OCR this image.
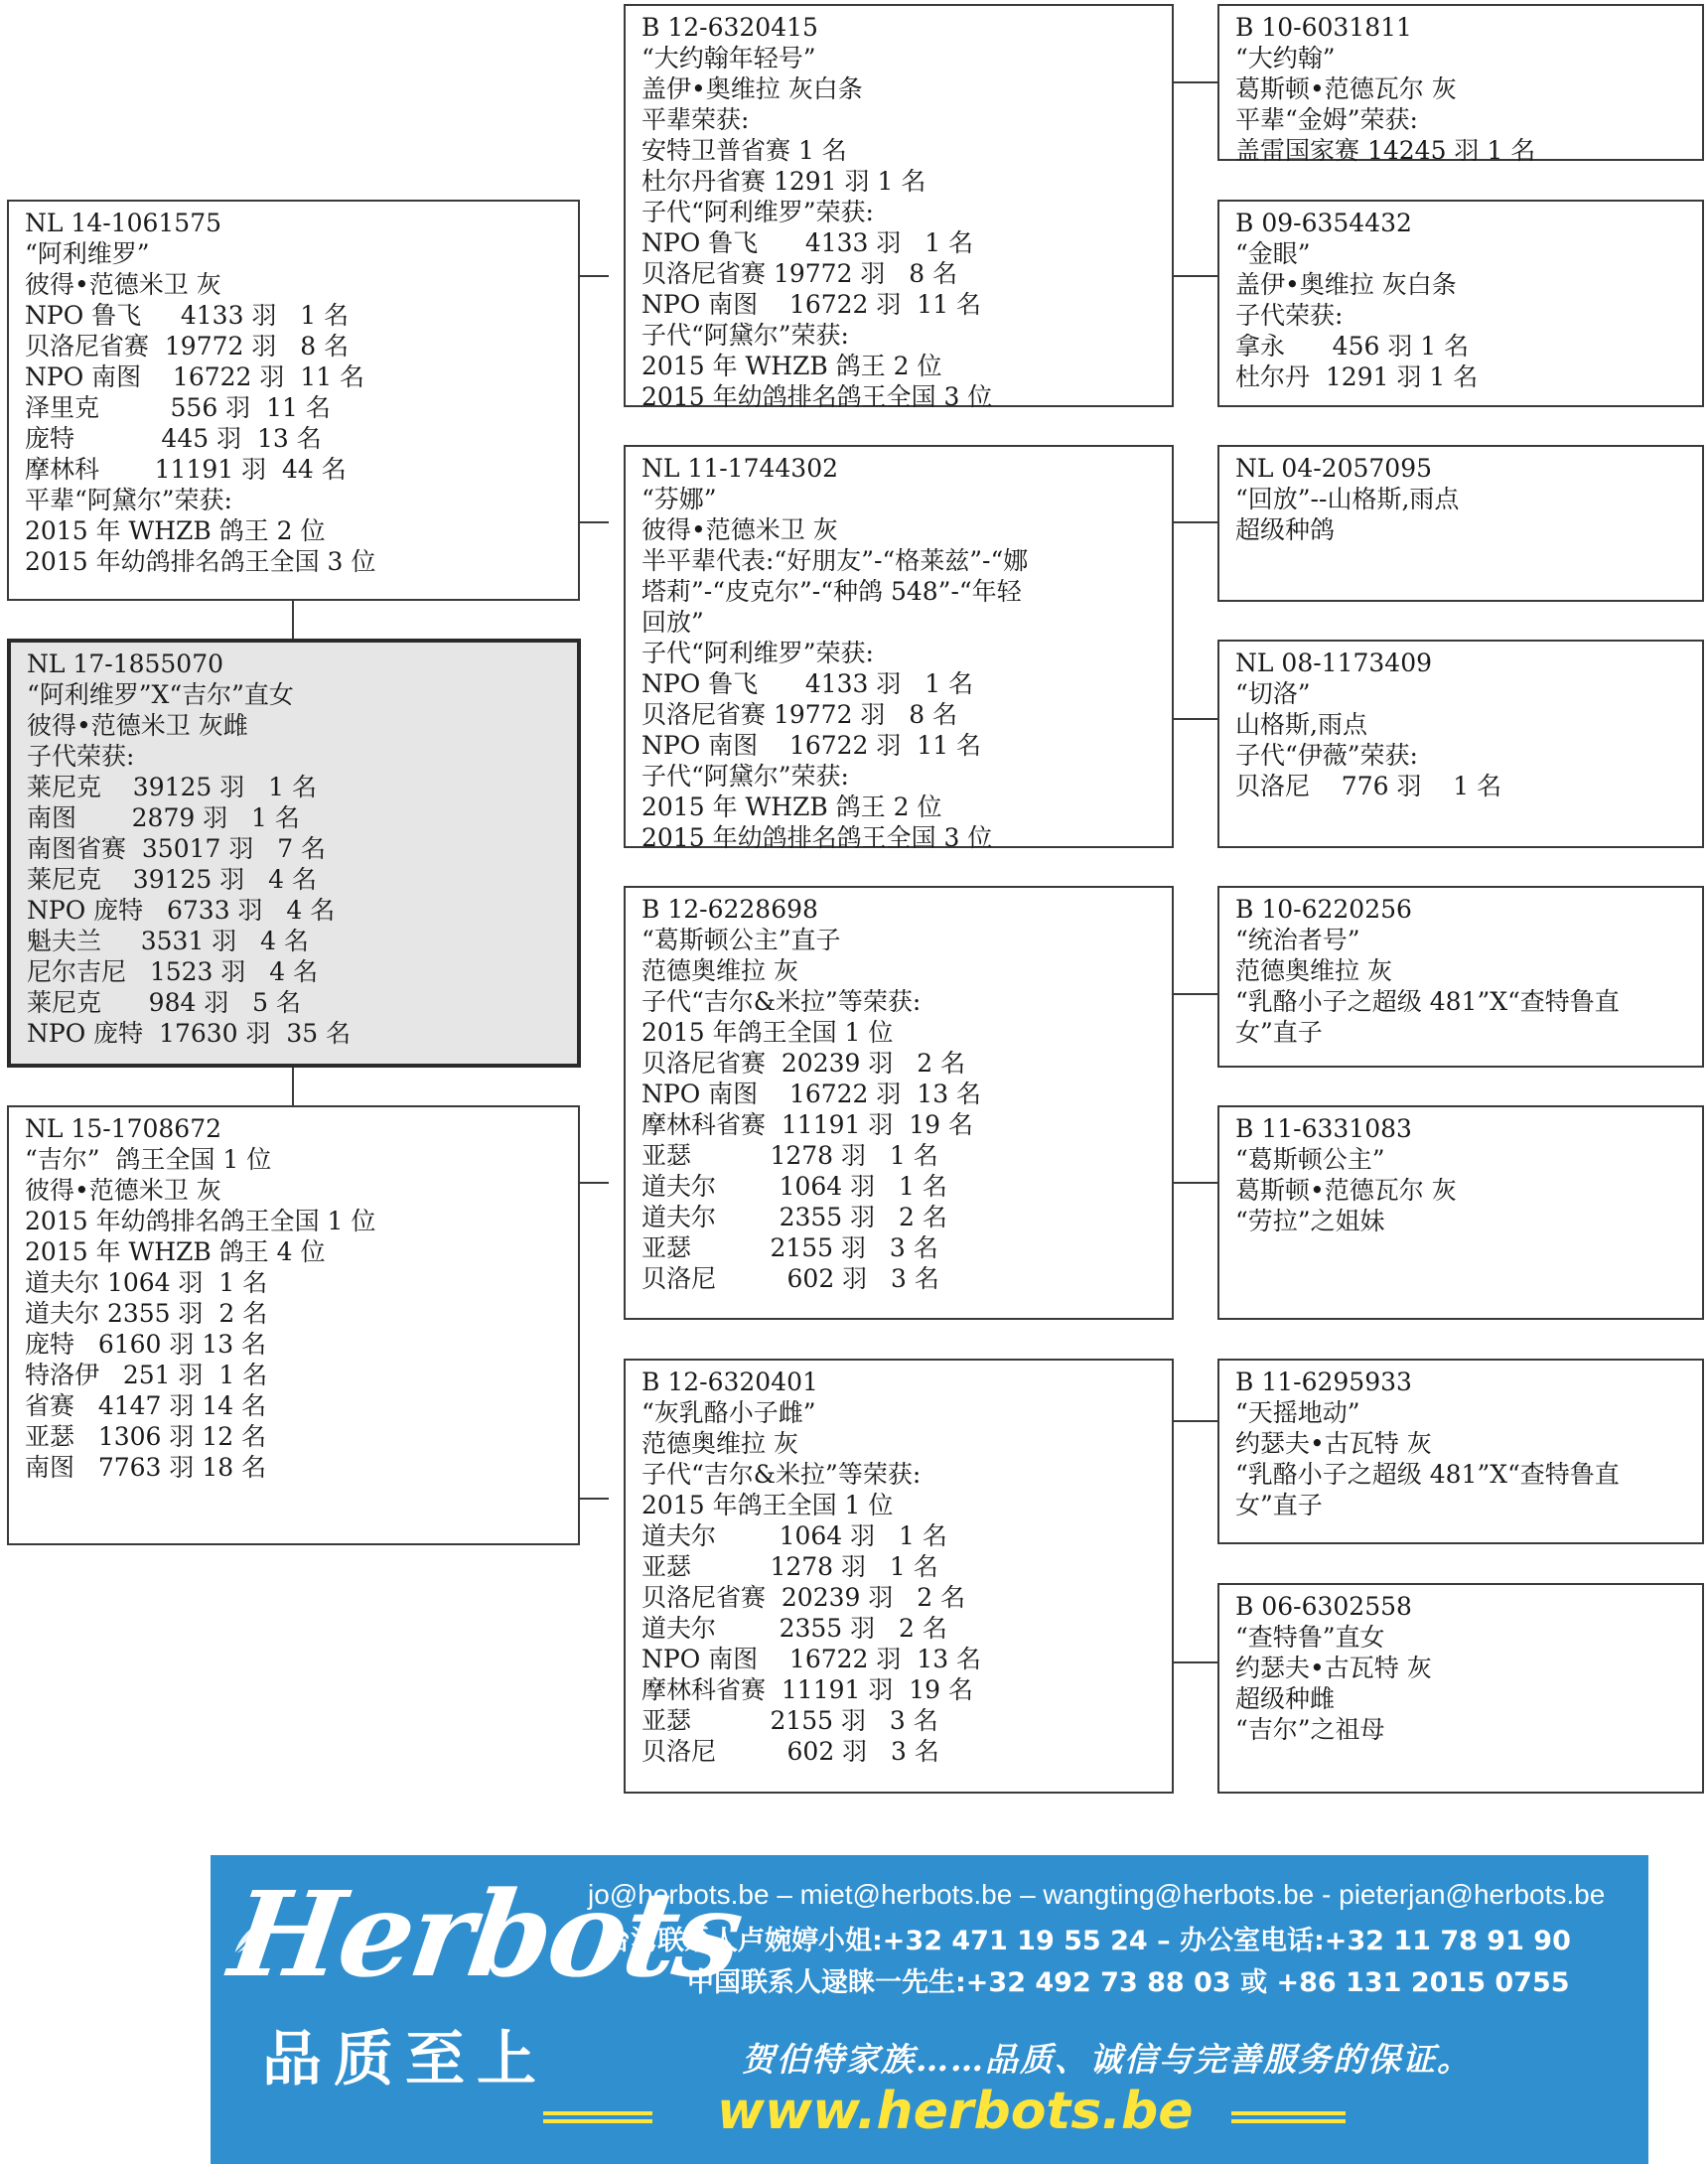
NL 14-1061575
“阿利维罗”
彼得•范德米卫 灰
NPO 鲁飞     4133 羽   1 名
贝洛尼省赛  19772 羽   8 名
NPO 南图    16722 羽  11 名
泽里克         556 羽  11 名
庞特           445 羽  13 名
摩林科       11191 羽  44 名
平辈“阿黛尔”荣获:
2015 年 WHZB 鸽王 2 位
2015 年幼鸽排名鸽王全国 3 位
NL 17-1855070
“阿利维罗”X“吉尔”直女
彼得•范德米卫 灰雌
子代荣获:
莱尼克    39125 羽   1 名
南图       2879 羽   1 名
南图省赛  35017 羽   7 名
莱尼克    39125 羽   4 名
NPO 庞特   6733 羽   4 名
魁夫兰     3531 羽   4 名
尼尔吉尼   1523 羽   4 名
莱尼克      984 羽   5 名
NPO 庞特  17630 羽  35 名
NL 15-1708672
“吉尔”  鸽王全国 1 位
彼得•范德米卫 灰
2015 年幼鸽排名鸽王全国 1 位
2015 年 WHZB 鸽王 4 位
道夫尔 1064 羽  1 名
道夫尔 2355 羽  2 名
庞特   6160 羽 13 名
特洛伊   251 羽  1 名
省赛   4147 羽 14 名
亚瑟   1306 羽 12 名
南图   7763 羽 18 名
B 12-6320415
“大约翰年轻号”
盖伊•奥维拉 灰白条
平辈荣获:
安特卫普省赛 1 名
杜尔丹省赛 1291 羽 1 名
子代“阿利维罗”荣获:
NPO 鲁飞      4133 羽   1 名
贝洛尼省赛 19772 羽   8 名
NPO 南图    16722 羽  11 名
子代“阿黛尔”荣获:
2015 年 WHZB 鸽王 2 位
2015 年幼鸽排名鸽王全国 3 位
NL 11-1744302
“芬娜”
彼得•范德米卫 灰
半平辈代表:“好朋友”-“格莱兹”-“娜
塔莉”-“皮克尔”-“种鸽 548”-“年轻
回放”
子代“阿利维罗”荣获:
NPO 鲁飞      4133 羽   1 名
贝洛尼省赛 19772 羽   8 名
NPO 南图    16722 羽  11 名
子代“阿黛尔”荣获:
2015 年 WHZB 鸽王 2 位
2015 年幼鸽排名鸽王全国 3 位
B 12-6228698
“葛斯顿公主”直子
范德奥维拉 灰
子代“吉尔&米拉”等荣获:
2015 年鸽王全国 1 位
贝洛尼省赛  20239 羽   2 名
NPO 南图    16722 羽  13 名
摩林科省赛  11191 羽  19 名
亚瑟          1278 羽   1 名
道夫尔        1064 羽   1 名
道夫尔        2355 羽   2 名
亚瑟          2155 羽   3 名
贝洛尼         602 羽   3 名
B 12-6320401
“灰乳酪小子雌”
范德奥维拉 灰
子代“吉尔&米拉”等荣获:
2015 年鸽王全国 1 位
道夫尔        1064 羽   1 名
亚瑟          1278 羽   1 名
贝洛尼省赛  20239 羽   2 名
道夫尔        2355 羽   2 名
NPO 南图    16722 羽  13 名
摩林科省赛  11191 羽  19 名
亚瑟          2155 羽   3 名
贝洛尼         602 羽   3 名
B 10-6031811
“大约翰”
葛斯顿•范德瓦尔 灰
平辈“金姆”荣获:
盖雷国家赛 14245 羽 1 名
B 09-6354432
“金眼”
盖伊•奥维拉 灰白条
子代荣获:
拿永      456 羽 1 名
杜尔丹  1291 羽 1 名
NL 04-2057095
“回放”--山格斯,雨点
超级种鸽
NL 08-1173409
“切洛”
山格斯,雨点
子代“伊薇”荣获:
贝洛尼    776 羽    1 名
B 10-6220256
“统治者号”
范德奥维拉 灰
“乳酪小子之超级 481”X“查特鲁直
女”直子
B 11-6331083
“葛斯顿公主”
葛斯顿•范德瓦尔 灰
“劳拉”之姐妹
B 11-6295933
“天摇地动”
约瑟夫•古瓦特 灰
“乳酪小子之超级 481”X“查特鲁直
女”直子
B 06-6302558
“查特鲁”直女
约瑟夫•古瓦特 灰
超级种雌
“吉尔”之祖母
Herbots
品质至上
jo@herbots.be – miet@herbots.be – wangting@herbots.be - pieterjan@herbots.be
台湾联系人卢婉婷小姐:+32 471 19 55 24 – 办公室电话:+32 11 78 91 90
中国联系人逯睐一先生:+32 492 73 88 03 或 +86 131 2015 0755
贺伯特家族……品质、诚信与完善服务的保证。
www.herbots.be
